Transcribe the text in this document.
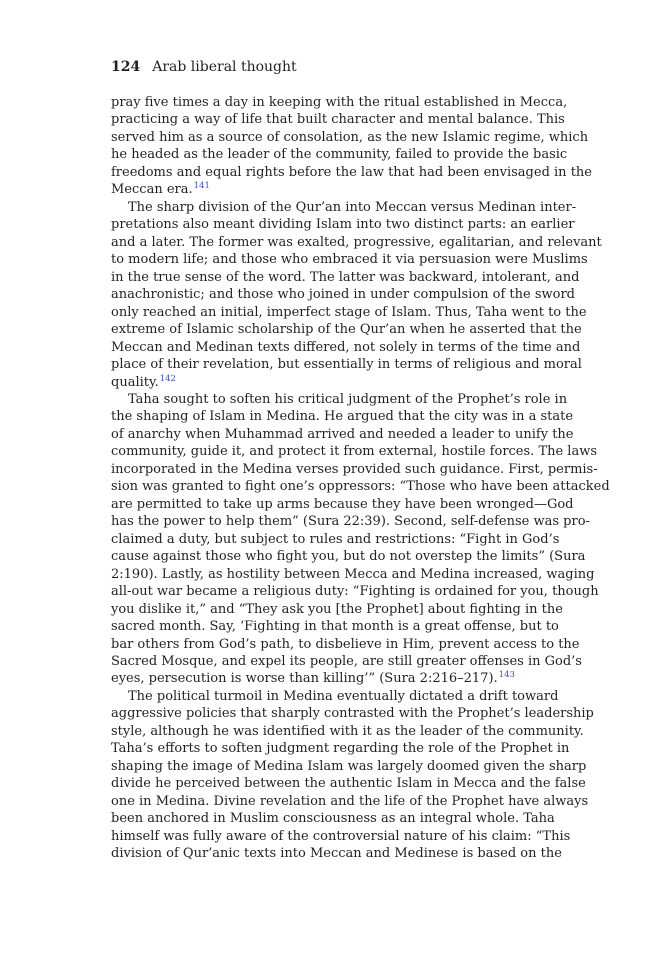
124 Arab liberal thought
pray five times a day in keeping with the ritual established in Mecca,
practicing a way of life that built character and mental balance. This
served him as a source of consolation, as the new Islamic regime, which
he headed as the leader of the community, failed to provide the basic
freedoms and equal rights before the law that had been envisaged in the
Meccan era.$^{141}$
The sharp division of the Qur’an into Meccan versus Medinan inter-
pretations also meant dividing Islam into two distinct parts: an earlier
and a later. The former was exalted, progressive, egalitarian, and relevant
to modern life; and those who embraced it via persuasion were Muslims
in the true sense of the word. The latter was backward, intolerant, and
anachronistic; and those who joined in under compulsion of the sword
only reached an initial, imperfect stage of Islam. Thus, Taha went to the
extreme of Islamic scholarship of the Qur’an when he asserted that the
Meccan and Medinan texts differed, not solely in terms of the time and
place of their revelation, but essentially in terms of religious and moral
quality.$^{142}$
Taha sought to soften his critical judgment of the Prophet’s role in
the shaping of Islam in Medina. He argued that the city was in a state
of anarchy when Muhammad arrived and needed a leader to unify the
community, guide it, and protect it from external, hostile forces. The laws
incorporated in the Medina verses provided such guidance. First, permis-
sion was granted to fight one’s oppressors: “Those who have been attacked
are permitted to take up arms because they have been wronged—God
has the power to help them” (Sura 22:39). Second, self-defense was pro-
claimed a duty, but subject to rules and restrictions: “Fight in God’s
cause against those who fight you, but do not overstep the limits” (Sura
2:190). Lastly, as hostility between Mecca and Medina increased, waging
all-out war became a religious duty: “Fighting is ordained for you, though
you dislike it,” and “They ask you [the Prophet] about fighting in the
sacred month. Say, ‘Fighting in that month is a great offense, but to
bar others from God’s path, to disbelieve in Him, prevent access to the
Sacred Mosque, and expel its people, are still greater offenses in God’s
eyes, persecution is worse than killing’” (Sura 2:216–217).$^{143}$
The political turmoil in Medina eventually dictated a drift toward
aggressive policies that sharply contrasted with the Prophet’s leadership
style, although he was identified with it as the leader of the community.
Taha’s efforts to soften judgment regarding the role of the Prophet in
shaping the image of Medina Islam was largely doomed given the sharp
divide he perceived between the authentic Islam in Mecca and the false
one in Medina. Divine revelation and the life of the Prophet have always
been anchored in Muslim consciousness as an integral whole. Taha
himself was fully aware of the controversial nature of his claim: “This
division of Qur’anic texts into Meccan and Medinese is based on the
